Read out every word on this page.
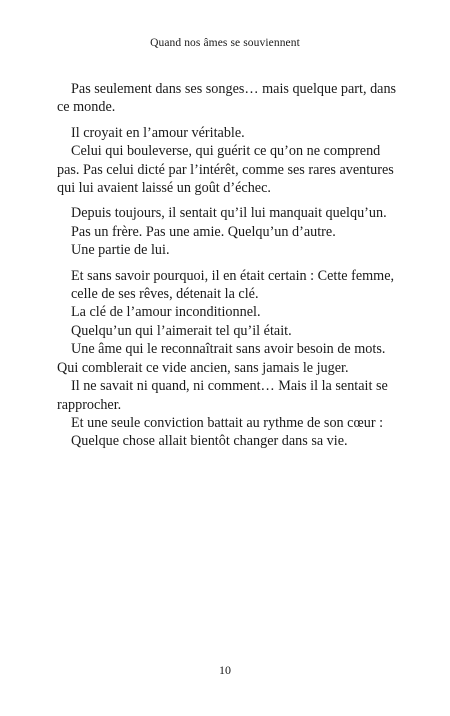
Quand nos âmes se souviennent

Pas seulement dans ses songes… mais quelque part, dans
ce monde.

Il croyait en l’amour véritable.
Celui qui bouleverse, qui guérit ce qu’on ne comprend
pas. Pas celui dicté par l’intérêt, comme ses rares aventures
qui lui avaient laissé un goût d’échec.

Depuis toujours, il sentait qu’il lui manquait quelqu’un.
Pas un frère. Pas une amie. Quelqu’un d’autre.
Une partie de lui.

Et sans savoir pourquoi, il en était certain : Cette femme,
celle de ses rêves, détenait la clé.
La clé de l’amour inconditionnel.
Quelqu’un qui l’aimerait tel qu’il était.
Une âme qui le reconnaîtrait sans avoir besoin de mots.
Qui comblerait ce vide ancien, sans jamais le juger.
Il ne savait ni quand, ni comment… Mais il la sentait se
rapprocher.
Et une seule conviction battait au rythme de son cœur :
Quelque chose allait bientôt changer dans sa vie.

10
